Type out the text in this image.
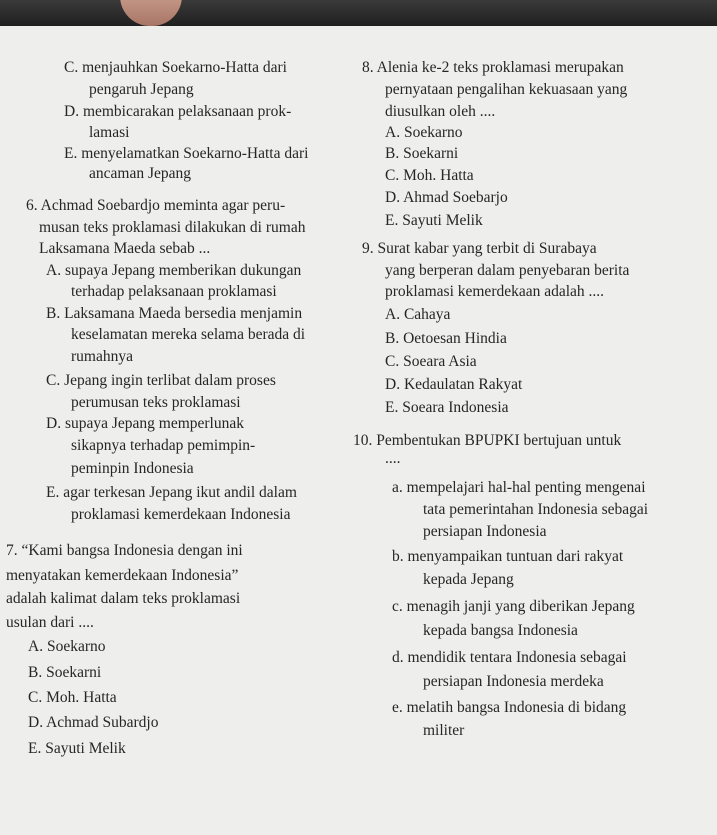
C. menjauhkan Soekarno-Hatta dari
pengaruh Jepang
D. membicarakan pelaksanaan prok-
lamasi
E. menyelamatkan Soekarno-Hatta dari
ancaman Jepang
6. Achmad Soebardjo meminta agar peru-
musan teks proklamasi dilakukan di rumah
Laksamana Maeda sebab ...
A. supaya Jepang memberikan dukungan
terhadap pelaksanaan proklamasi
B. Laksamana Maeda bersedia menjamin
keselamatan mereka selama berada di
rumahnya
C. Jepang ingin terlibat dalam proses
perumusan teks proklamasi
D. supaya Jepang memperlunak
sikapnya terhadap pemimpin-
peminpin Indonesia
E. agar terkesan Jepang ikut andil dalam
proklamasi kemerdekaan Indonesia
7. “Kami bangsa Indonesia dengan ini
menyatakan kemerdekaan Indonesia”
adalah kalimat dalam teks proklamasi
usulan dari ....
A. Soekarno
B. Soekarni
C. Moh. Hatta
D. Achmad Subardjo
E. Sayuti Melik
8. Alenia ke-2 teks proklamasi merupakan
pernyataan pengalihan kekuasaan yang
diusulkan oleh ....
A. Soekarno
B. Soekarni
C. Moh. Hatta
D. Ahmad Soebarjo
E. Sayuti Melik
9. Surat kabar yang terbit di Surabaya
yang berperan dalam penyebaran berita
proklamasi kemerdekaan adalah ....
A. Cahaya
B. Oetoesan Hindia
C. Soeara Asia
D. Kedaulatan Rakyat
E. Soeara Indonesia
10. Pembentukan BPUPKI bertujuan untuk
....
a. mempelajari hal-hal penting mengenai
tata pemerintahan Indonesia sebagai
persiapan Indonesia
b. menyampaikan tuntuan dari rakyat
kepada Jepang
c. menagih janji yang diberikan Jepang
kepada bangsa Indonesia
d. mendidik tentara Indonesia sebagai
persiapan Indonesia merdeka
e. melatih bangsa Indonesia di bidang
militer
